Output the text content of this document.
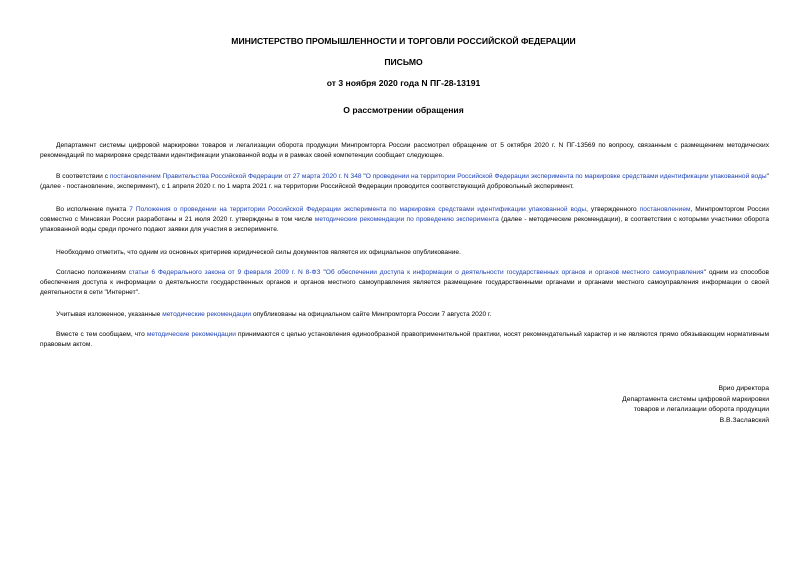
МИНИСТЕРСТВО ПРОМЫШЛЕННОСТИ И ТОРГОВЛИ РОССИЙСКОЙ ФЕДЕРАЦИИ
ПИСЬМО
от 3 ноября 2020 года N ПГ-28-13191
О рассмотрении обращения
Департамент системы цифровой маркировки товаров и легализации оборота продукции Минпромторга России рассмотрел обращение от 5 октября 2020 г. N ПГ-13569 по вопросу, связанным с размещением методических рекомендаций по маркировке средствами идентификации упакованной воды и в рамках своей компетенции сообщает следующее.
В соответствии с постановлением Правительства Российской Федерации от 27 марта 2020 г. N 348 "О проведении на территории Российской Федерации эксперимента по маркировке средствами идентификации упакованной воды" (далее - постановление, эксперимент), с 1 апреля 2020 г. по 1 марта 2021 г. на территории Российской Федерации проводится соответствующий добровольный эксперимент.
Во исполнение пункта 7 Положения о проведении на территории Российской Федерации эксперимента по маркировке средствами идентификации упакованной воды, утвержденного постановлением, Минпромторгом России совместно с Минсвязи России разработаны и 21 июля 2020 г. утверждены в том числе методические рекомендации по проведению эксперимента (далее - методические рекомендации), в соответствии с которыми участники оборота упакованной воды среди прочего подают заявки для участия в эксперименте.
Необходимо отметить, что одним из основных критериев юридической силы документов является их официальное опубликование.
Согласно положениям статьи 6 Федерального закона от 9 февраля 2009 г. N 8-ФЗ "Об обеспечении доступа к информации о деятельности государственных органов и органов местного самоуправления" одним из способов обеспечения доступа к информации о деятельности государственных органов и органов местного самоуправления является размещение государственными органами и органами местного самоуправления информации о своей деятельности в сети "Интернет".
Учитывая изложенное, указанные методические рекомендации опубликованы на официальном сайте Минпромторга России 7 августа 2020 г.
Вместе с тем сообщаем, что методические рекомендации принимаются с целью установления единообразной правоприменительной практики, носят рекомендательный характер и не являются прямо обязывающим нормативным правовым актом.
Врио директора
Департамента системы цифровой маркировки
товаров и легализации оборота продукции
В.В.Заславский
